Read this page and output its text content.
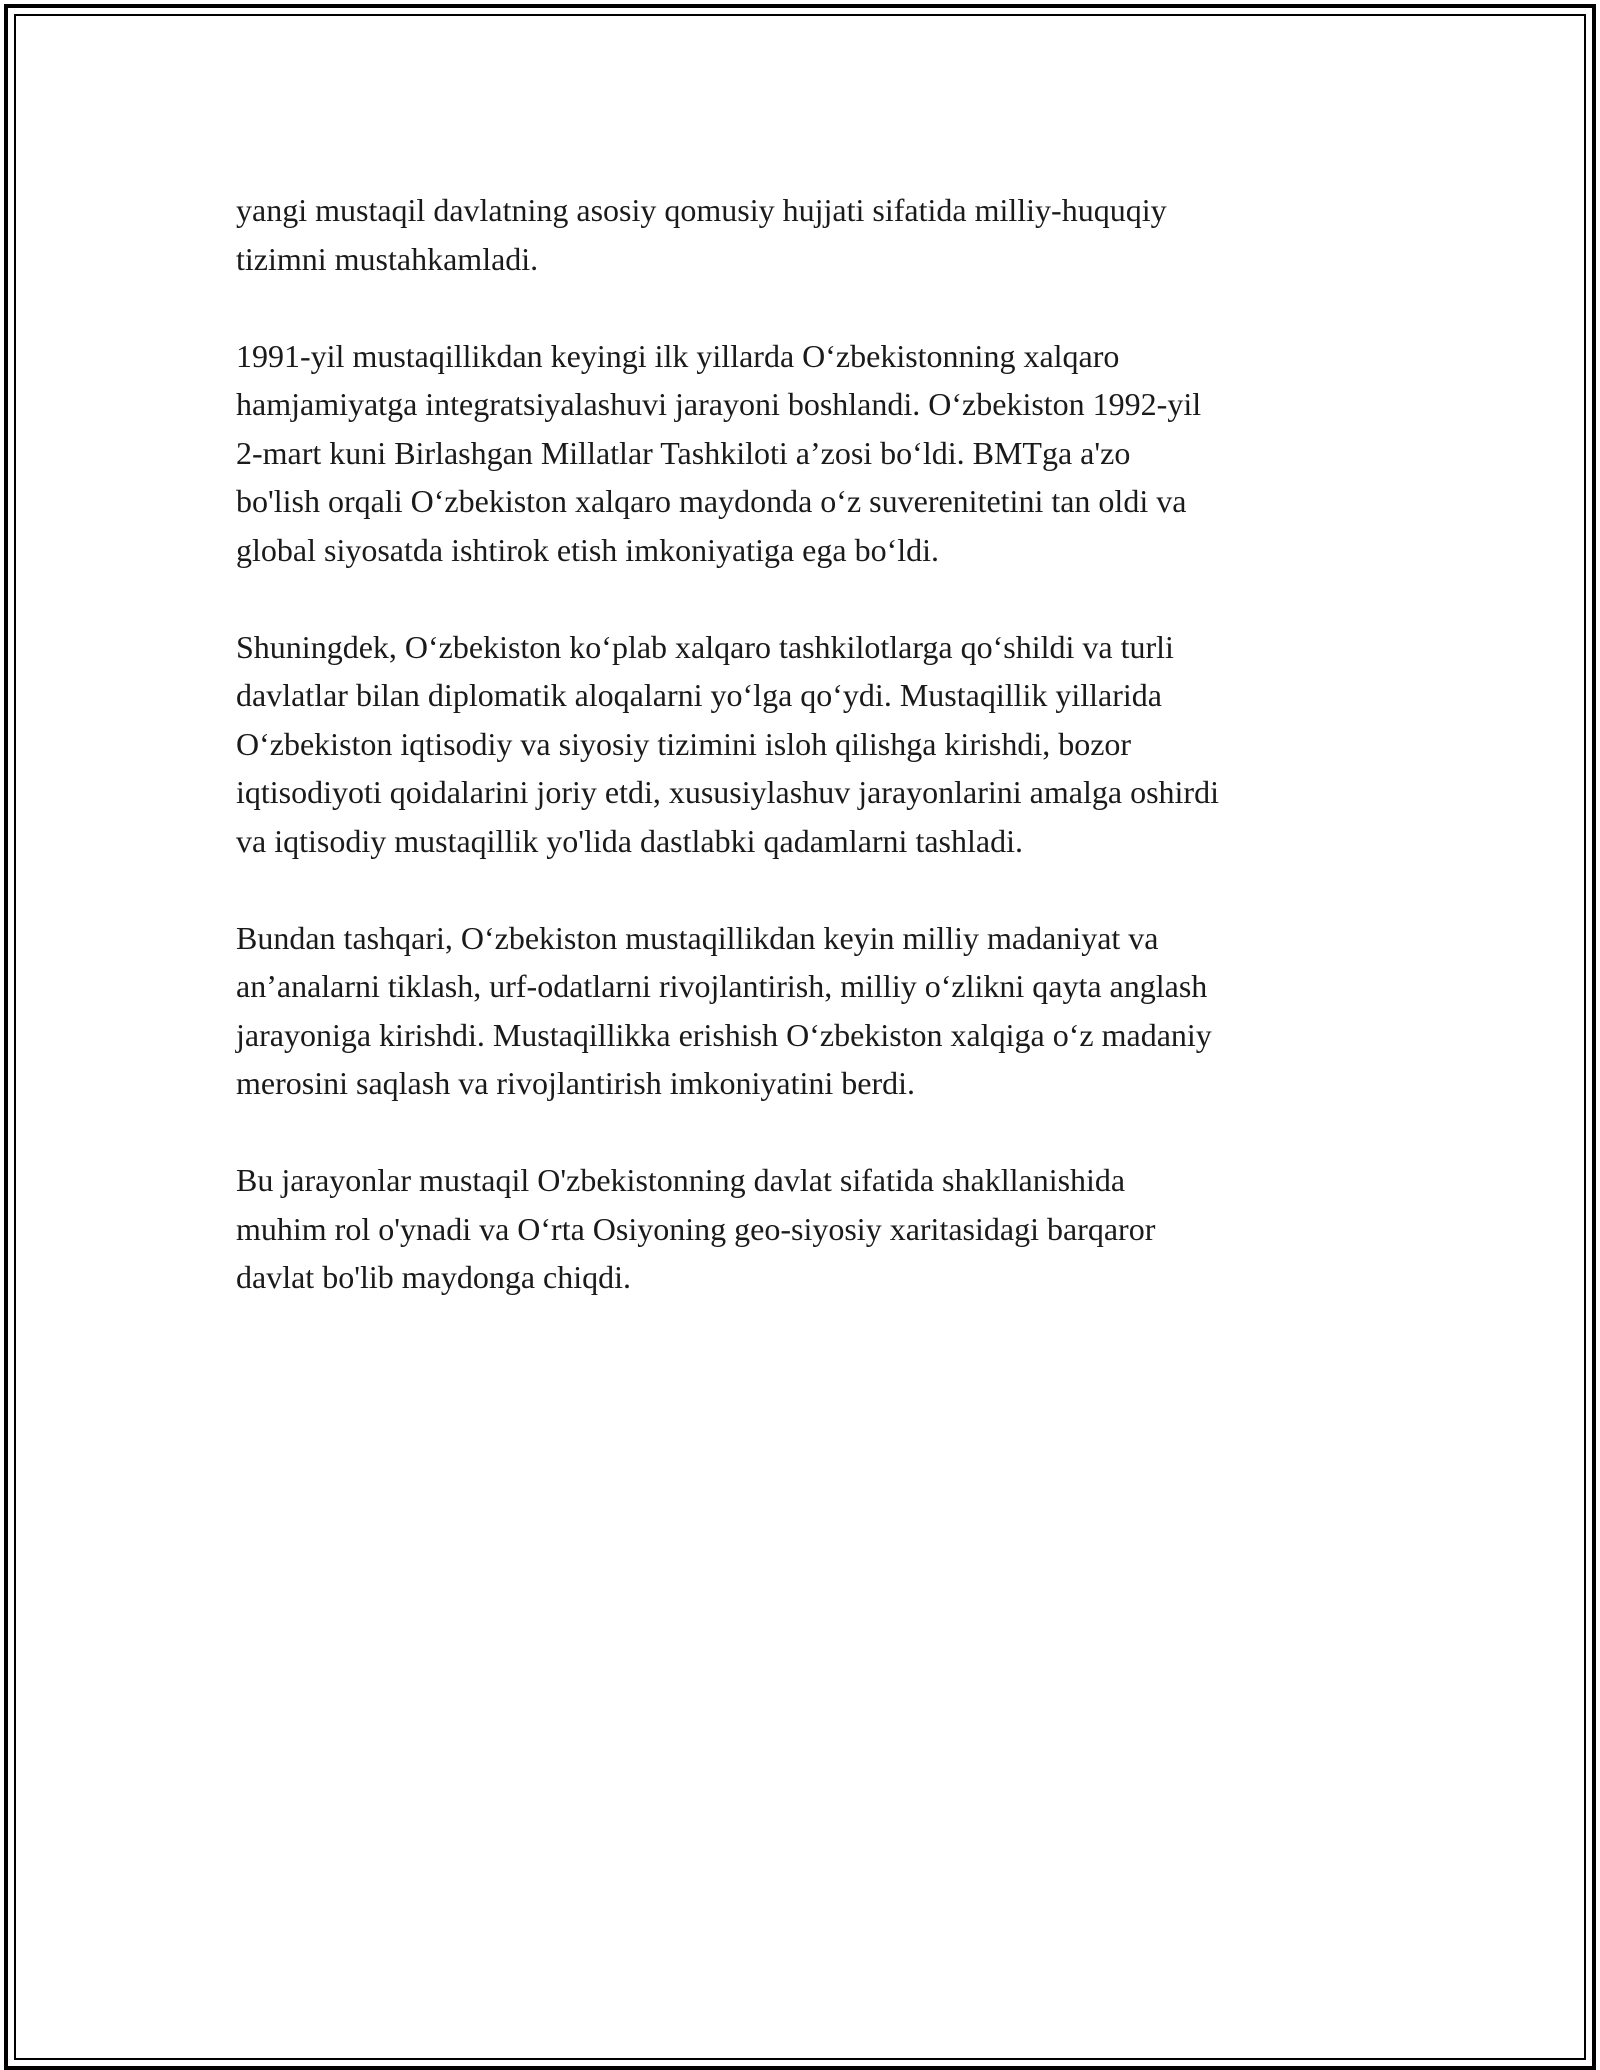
yangi mustaqil davlatning asosiy qomusiy hujjati sifatida milliy-huquqiy
tizimni mustahkamladi.

1991-yil mustaqillikdan keyingi ilk yillarda O‘zbekistonning xalqaro
hamjamiyatga integratsiyalashuvi jarayoni boshlandi. O‘zbekiston 1992-yil
2-mart kuni Birlashgan Millatlar Tashkiloti a’zosi bo‘ldi. BMTga a'zo
bo'lish orqali O‘zbekiston xalqaro maydonda o‘z suverenitetini tan oldi va
global siyosatda ishtirok etish imkoniyatiga ega bo‘ldi.

Shuningdek, O‘zbekiston ko‘plab xalqaro tashkilotlarga qo‘shildi va turli
davlatlar bilan diplomatik aloqalarni yo‘lga qo‘ydi. Mustaqillik yillarida
O‘zbekiston iqtisodiy va siyosiy tizimini isloh qilishga kirishdi, bozor
iqtisodiyoti qoidalarini joriy etdi, xususiylashuv jarayonlarini amalga oshirdi
va iqtisodiy mustaqillik yo'lida dastlabki qadamlarni tashladi.

Bundan tashqari, O‘zbekiston mustaqillikdan keyin milliy madaniyat va
an’analarni tiklash, urf-odatlarni rivojlantirish, milliy o‘zlikni qayta anglash
jarayoniga kirishdi. Mustaqillikka erishish O‘zbekiston xalqiga o‘z madaniy
merosini saqlash va rivojlantirish imkoniyatini berdi.

Bu jarayonlar mustaqil O'zbekistonning davlat sifatida shakllanishida
muhim rol o'ynadi va O‘rta Osiyoning geo-siyosiy xaritasidagi barqaror
davlat bo'lib maydonga chiqdi.
